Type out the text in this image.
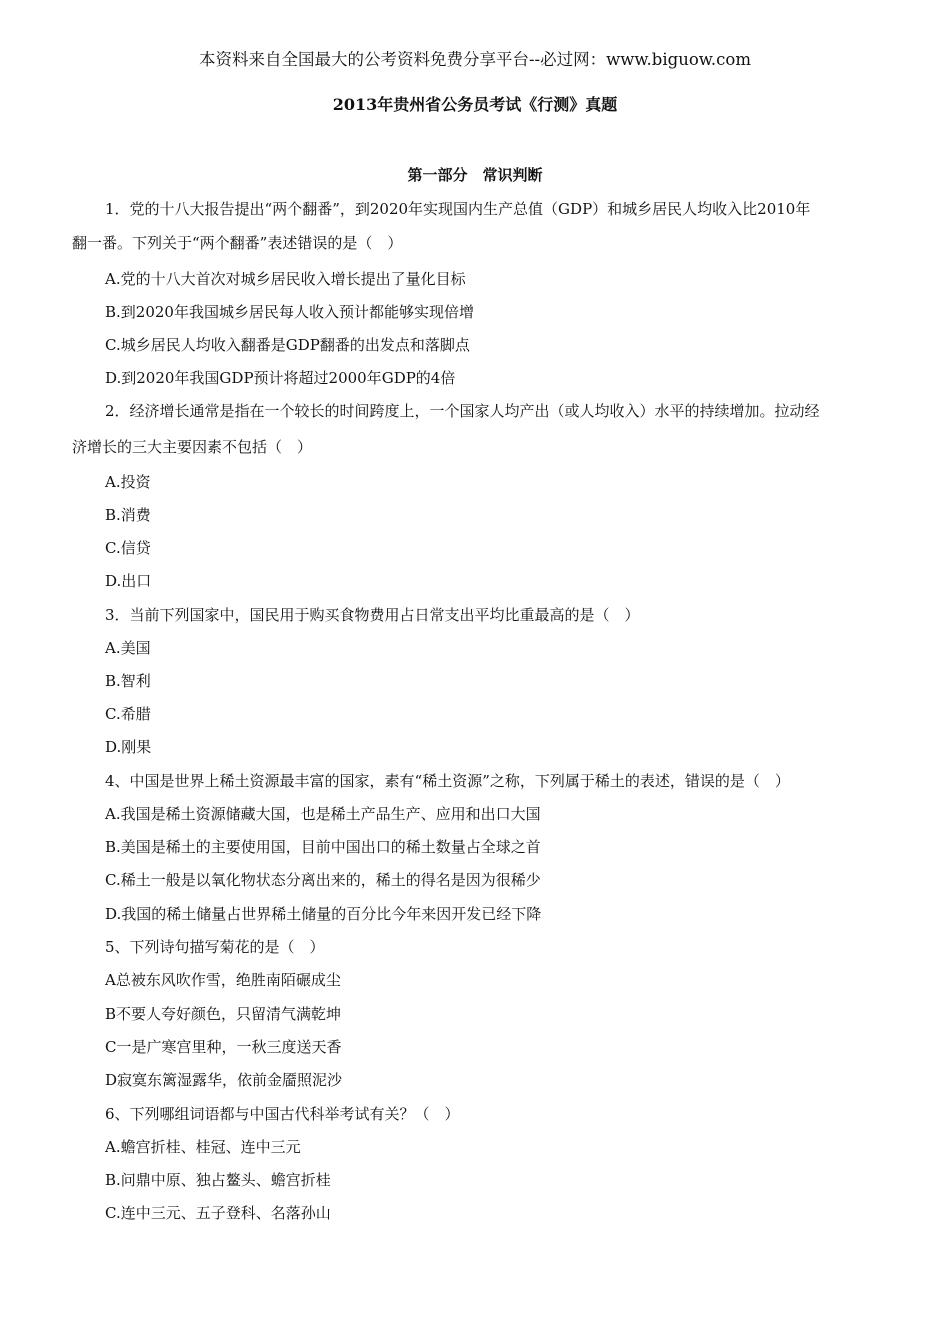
本资料来自全国最大的公考资料免费分享平台--必过网：www.biguow.com
2013年贵州省公务员考试《行测》真题
第一部分　常识判断
1．党的十八大报告提出“两个翻番”，到2020年实现国内生产总值（GDP）和城乡居民人均收入比2010年
翻一番。下列关于“两个翻番”表述错误的是（　）
A.党的十八大首次对城乡居民收入增长提出了量化目标
B.到2020年我国城乡居民每人收入预计都能够实现倍增
C.城乡居民人均收入翻番是GDP翻番的出发点和落脚点
D.到2020年我国GDP预计将超过2000年GDP的4倍
2．经济增长通常是指在一个较长的时间跨度上，一个国家人均产出（或人均收入）水平的持续增加。拉动经
济增长的三大主要因素不包括（　）
A.投资
B.消费
C.信贷
D.出口
3．当前下列国家中，国民用于购买食物费用占日常支出平均比重最高的是（　）
A.美国
B.智利
C.希腊
D.刚果
4、中国是世界上稀土资源最丰富的国家，素有“稀土资源”之称，下列属于稀土的表述，错误的是（　）
A.我国是稀土资源储藏大国，也是稀土产品生产、应用和出口大国
B.美国是稀土的主要使用国，目前中国出口的稀土数量占全球之首
C.稀土一般是以氧化物状态分离出来的，稀土的得名是因为很稀少
D.我国的稀土储量占世界稀土储量的百分比今年来因开发已经下降
5、下列诗句描写菊花的是（　）
A总被东风吹作雪，绝胜南陌碾成尘
B不要人夸好颜色，只留清气满乾坤
C一是广寒宫里种，一秋三度送天香
D寂寞东篱湿露华，依前金靥照泥沙
6、下列哪组词语都与中国古代科举考试有关？（　）
A.蟾宫折桂、桂冠、连中三元
B.问鼎中原、独占鳌头、蟾宫折桂
C.连中三元、五子登科、名落孙山
